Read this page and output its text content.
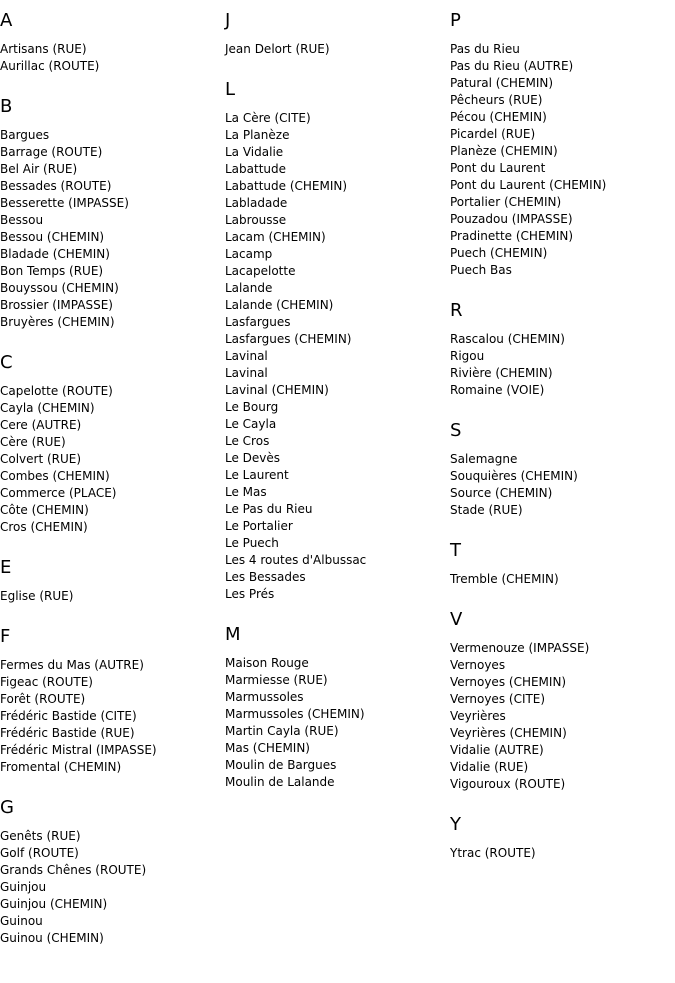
A
Artisans (RUE)
Aurillac (ROUTE)
B
Bargues
Barrage (ROUTE)
Bel Air (RUE)
Bessades (ROUTE)
Besserette (IMPASSE)
Bessou
Bessou (CHEMIN)
Bladade (CHEMIN)
Bon Temps (RUE)
Bouyssou (CHEMIN)
Brossier (IMPASSE)
Bruyères (CHEMIN)
C
Capelotte (ROUTE)
Cayla (CHEMIN)
Cere (AUTRE)
Cère (RUE)
Colvert (RUE)
Combes (CHEMIN)
Commerce (PLACE)
Côte (CHEMIN)
Cros (CHEMIN)
E
Eglise (RUE)
F
Fermes du Mas (AUTRE)
Figeac (ROUTE)
Forêt (ROUTE)
Frédéric Bastide (CITE)
Frédéric Bastide (RUE)
Frédéric Mistral (IMPASSE)
Fromental (CHEMIN)
G
Genêts (RUE)
Golf (ROUTE)
Grands Chênes (ROUTE)
Guinjou
Guinjou (CHEMIN)
Guinou
Guinou (CHEMIN)
J
Jean Delort (RUE)
L
La Cère (CITE)
La Planèze
La Vidalie
Labattude
Labattude (CHEMIN)
Labladade
Labrousse
Lacam (CHEMIN)
Lacamp
Lacapelotte
Lalande
Lalande (CHEMIN)
Lasfargues
Lasfargues (CHEMIN)
Lavinal
Lavinal
Lavinal (CHEMIN)
Le Bourg
Le Cayla
Le Cros
Le Devès
Le Laurent
Le Mas
Le Pas du Rieu
Le Portalier
Le Puech
Les 4 routes d'Albussac
Les Bessades
Les Prés
M
Maison Rouge
Marmiesse (RUE)
Marmussoles
Marmussoles (CHEMIN)
Martin Cayla (RUE)
Mas (CHEMIN)
Moulin de Bargues
Moulin de Lalande
P
Pas du Rieu
Pas du Rieu (AUTRE)
Patural (CHEMIN)
Pêcheurs (RUE)
Pécou (CHEMIN)
Picardel (RUE)
Planèze (CHEMIN)
Pont du Laurent
Pont du Laurent (CHEMIN)
Portalier (CHEMIN)
Pouzadou (IMPASSE)
Pradinette (CHEMIN)
Puech (CHEMIN)
Puech Bas
R
Rascalou (CHEMIN)
Rigou
Rivière (CHEMIN)
Romaine (VOIE)
S
Salemagne
Souquières (CHEMIN)
Source (CHEMIN)
Stade (RUE)
T
Tremble (CHEMIN)
V
Vermenouze (IMPASSE)
Vernoyes
Vernoyes (CHEMIN)
Vernoyes (CITE)
Veyrières
Veyrières (CHEMIN)
Vidalie (AUTRE)
Vidalie (RUE)
Vigouroux (ROUTE)
Y
Ytrac (ROUTE)
